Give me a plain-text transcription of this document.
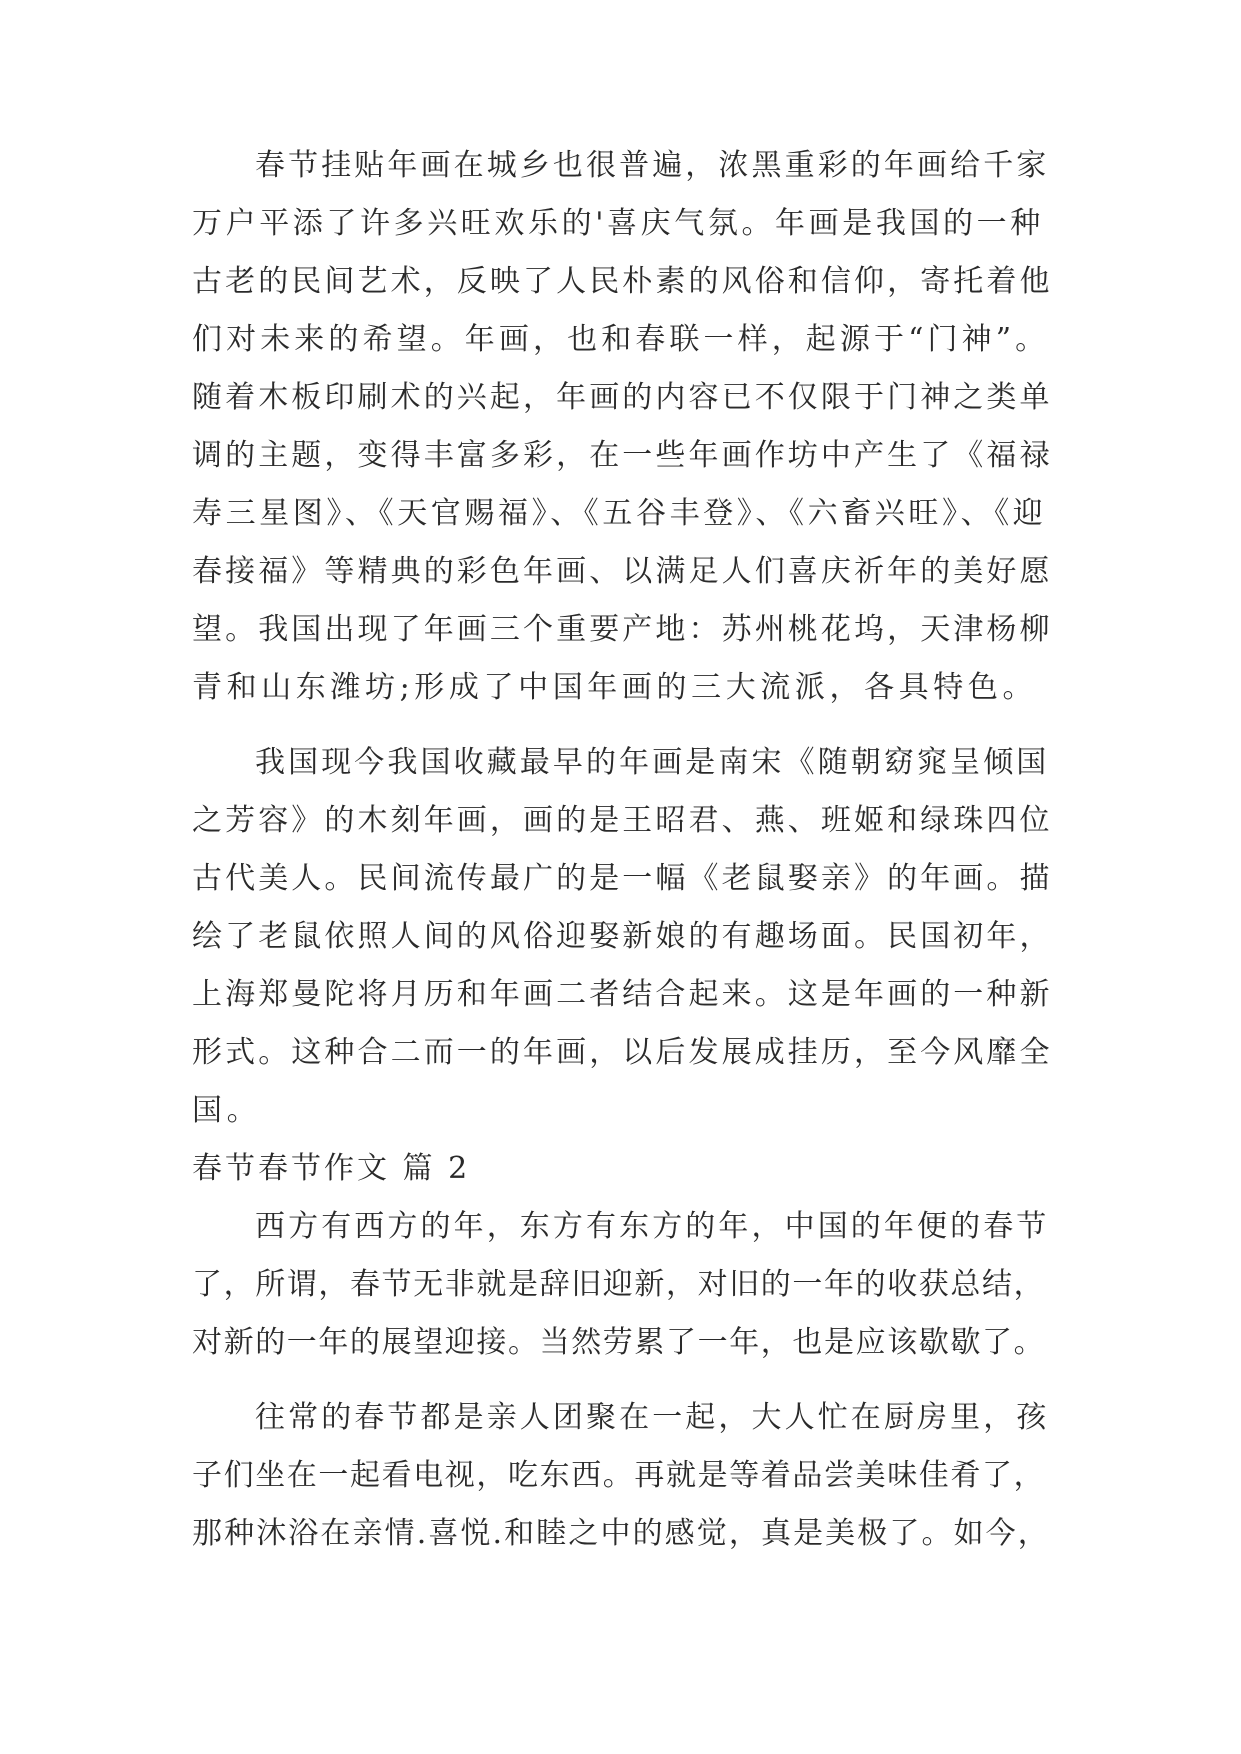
春节挂贴年画在城乡也很普遍，浓黑重彩的年画给千家
万户平添了许多兴旺欢乐的'喜庆气氛。年画是我国的一种
古老的民间艺术，反映了人民朴素的风俗和信仰，寄托着他
们对未来的希望。年画，也和春联一样，起源于“门神”。
随着木板印刷术的兴起，年画的内容已不仅限于门神之类单
调的主题，变得丰富多彩，在一些年画作坊中产生了《福禄
寿三星图》、《天官赐福》、《五谷丰登》、《六畜兴旺》、《迎
春接福》等精典的彩色年画、以满足人们喜庆祈年的美好愿
望。我国出现了年画三个重要产地：苏州桃花坞，天津杨柳
青和山东潍坊;形成了中国年画的三大流派，各具特色。
我国现今我国收藏最早的年画是南宋《随朝窈窕呈倾国
之芳容》的木刻年画，画的是王昭君、燕、班姬和绿珠四位
古代美人。民间流传最广的是一幅《老鼠娶亲》的年画。描
绘了老鼠依照人间的风俗迎娶新娘的有趣场面。民国初年，
上海郑曼陀将月历和年画二者结合起来。这是年画的一种新
形式。这种合二而一的年画，以后发展成挂历，至今风靡全
国。
春节春节作文 篇 2
西方有西方的年，东方有东方的年，中国的年便的春节
了，所谓，春节无非就是辞旧迎新，对旧的一年的收获总结，
对新的一年的展望迎接。当然劳累了一年，也是应该歇歇了。
往常的春节都是亲人团聚在一起，大人忙在厨房里，孩
子们坐在一起看电视，吃东西。再就是等着品尝美味佳肴了，
那种沐浴在亲情.喜悦.和睦之中的感觉，真是美极了。如今，
